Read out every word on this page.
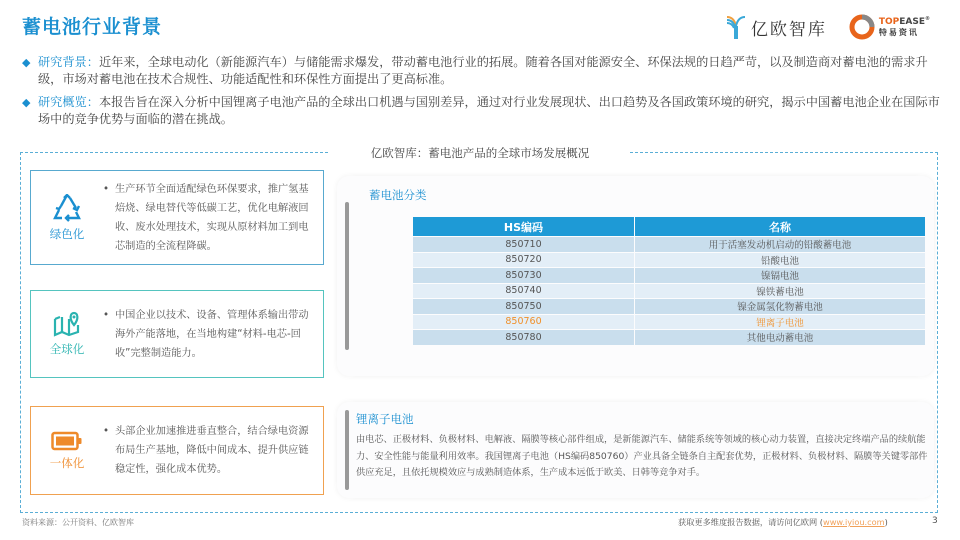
蓄电池行业背景	亿欧智库	TOPEASE®
特易资讯
◆ 研究背景：近年来，全球电动化（新能源汽车）与储能需求爆发，带动蓄电池行业的拓展。随着各国对能源安全、环保法规的日趋严苛，以及制造商对蓄电池的需求升级，市场对蓄电池在技术合规性、功能适配性和环保性方面提出了更高标准。
◆ 研究概览：本报告旨在深入分析中国锂离子电池产品的全球出口机遇与国别差异，通过对行业发展现状、出口趋势及各国政策环境的研究，揭示中国蓄电池企业在国际市场中的竞争优势与面临的潜在挑战。
亿欧智库：蓄电池产品的全球市场发展概况
绿色化
• 生产环节全面适配绿色环保要求，推广氢基焙烧、绿电替代等低碳工艺，优化电解液回收、废水处理技术，实现从原材料加工到电芯制造的全流程降碳。
全球化
• 中国企业以技术、设备、管理体系输出带动海外产能落地，在当地构建“材料-电芯-回收”完整制造能力。
一体化
• 头部企业加速推进垂直整合，结合绿电资源布局生产基地，降低中间成本、提升供应链稳定性，强化成本优势。
蓄电池分类
HS编码	名称
850710	用于活塞发动机启动的铅酸蓄电池
850720	铅酸电池
850730	镍镉电池
850740	镍铁蓄电池
850750	镍金属氢化物蓄电池
850760	锂离子电池
850780	其他电动蓄电池
锂离子电池
由电芯、正极材料、负极材料、电解液、隔膜等核心部件组成，是新能源汽车、储能系统等领域的核心动力装置，直接决定终端产品的续航能力、安全性能与能量利用效率。我国锂离子电池（HS编码850760）产业具备全链条自主配套优势，正极材料、负极材料、隔膜等关键零部件供应充足，且依托规模效应与成熟制造体系，生产成本远低于欧美、日韩等竞争对手。
资料来源：公开资料、亿欧智库	获取更多维度报告数据，请访问亿欧网 (www.iyiou.com)	3
